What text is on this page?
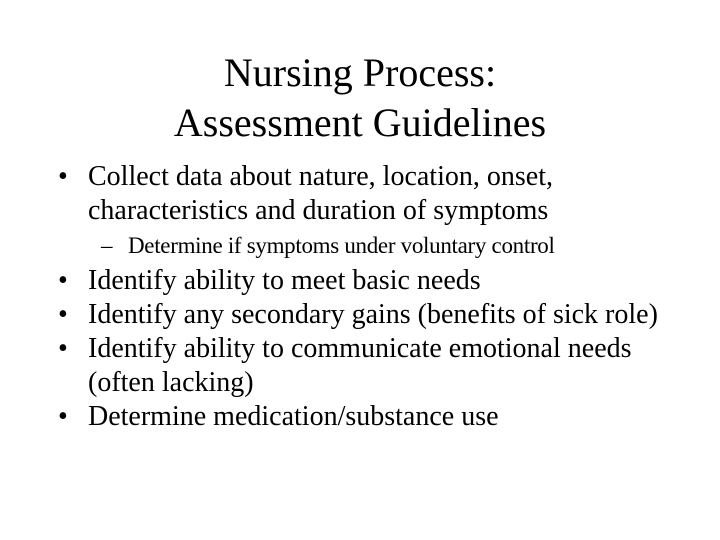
Nursing Process:
Assessment Guidelines
• Collect data about nature, location, onset, characteristics and duration of symptoms
– Determine if symptoms under voluntary control
• Identify ability to meet basic needs
• Identify any secondary gains (benefits of sick role)
• Identify ability to communicate emotional needs (often lacking)
• Determine medication/substance use
